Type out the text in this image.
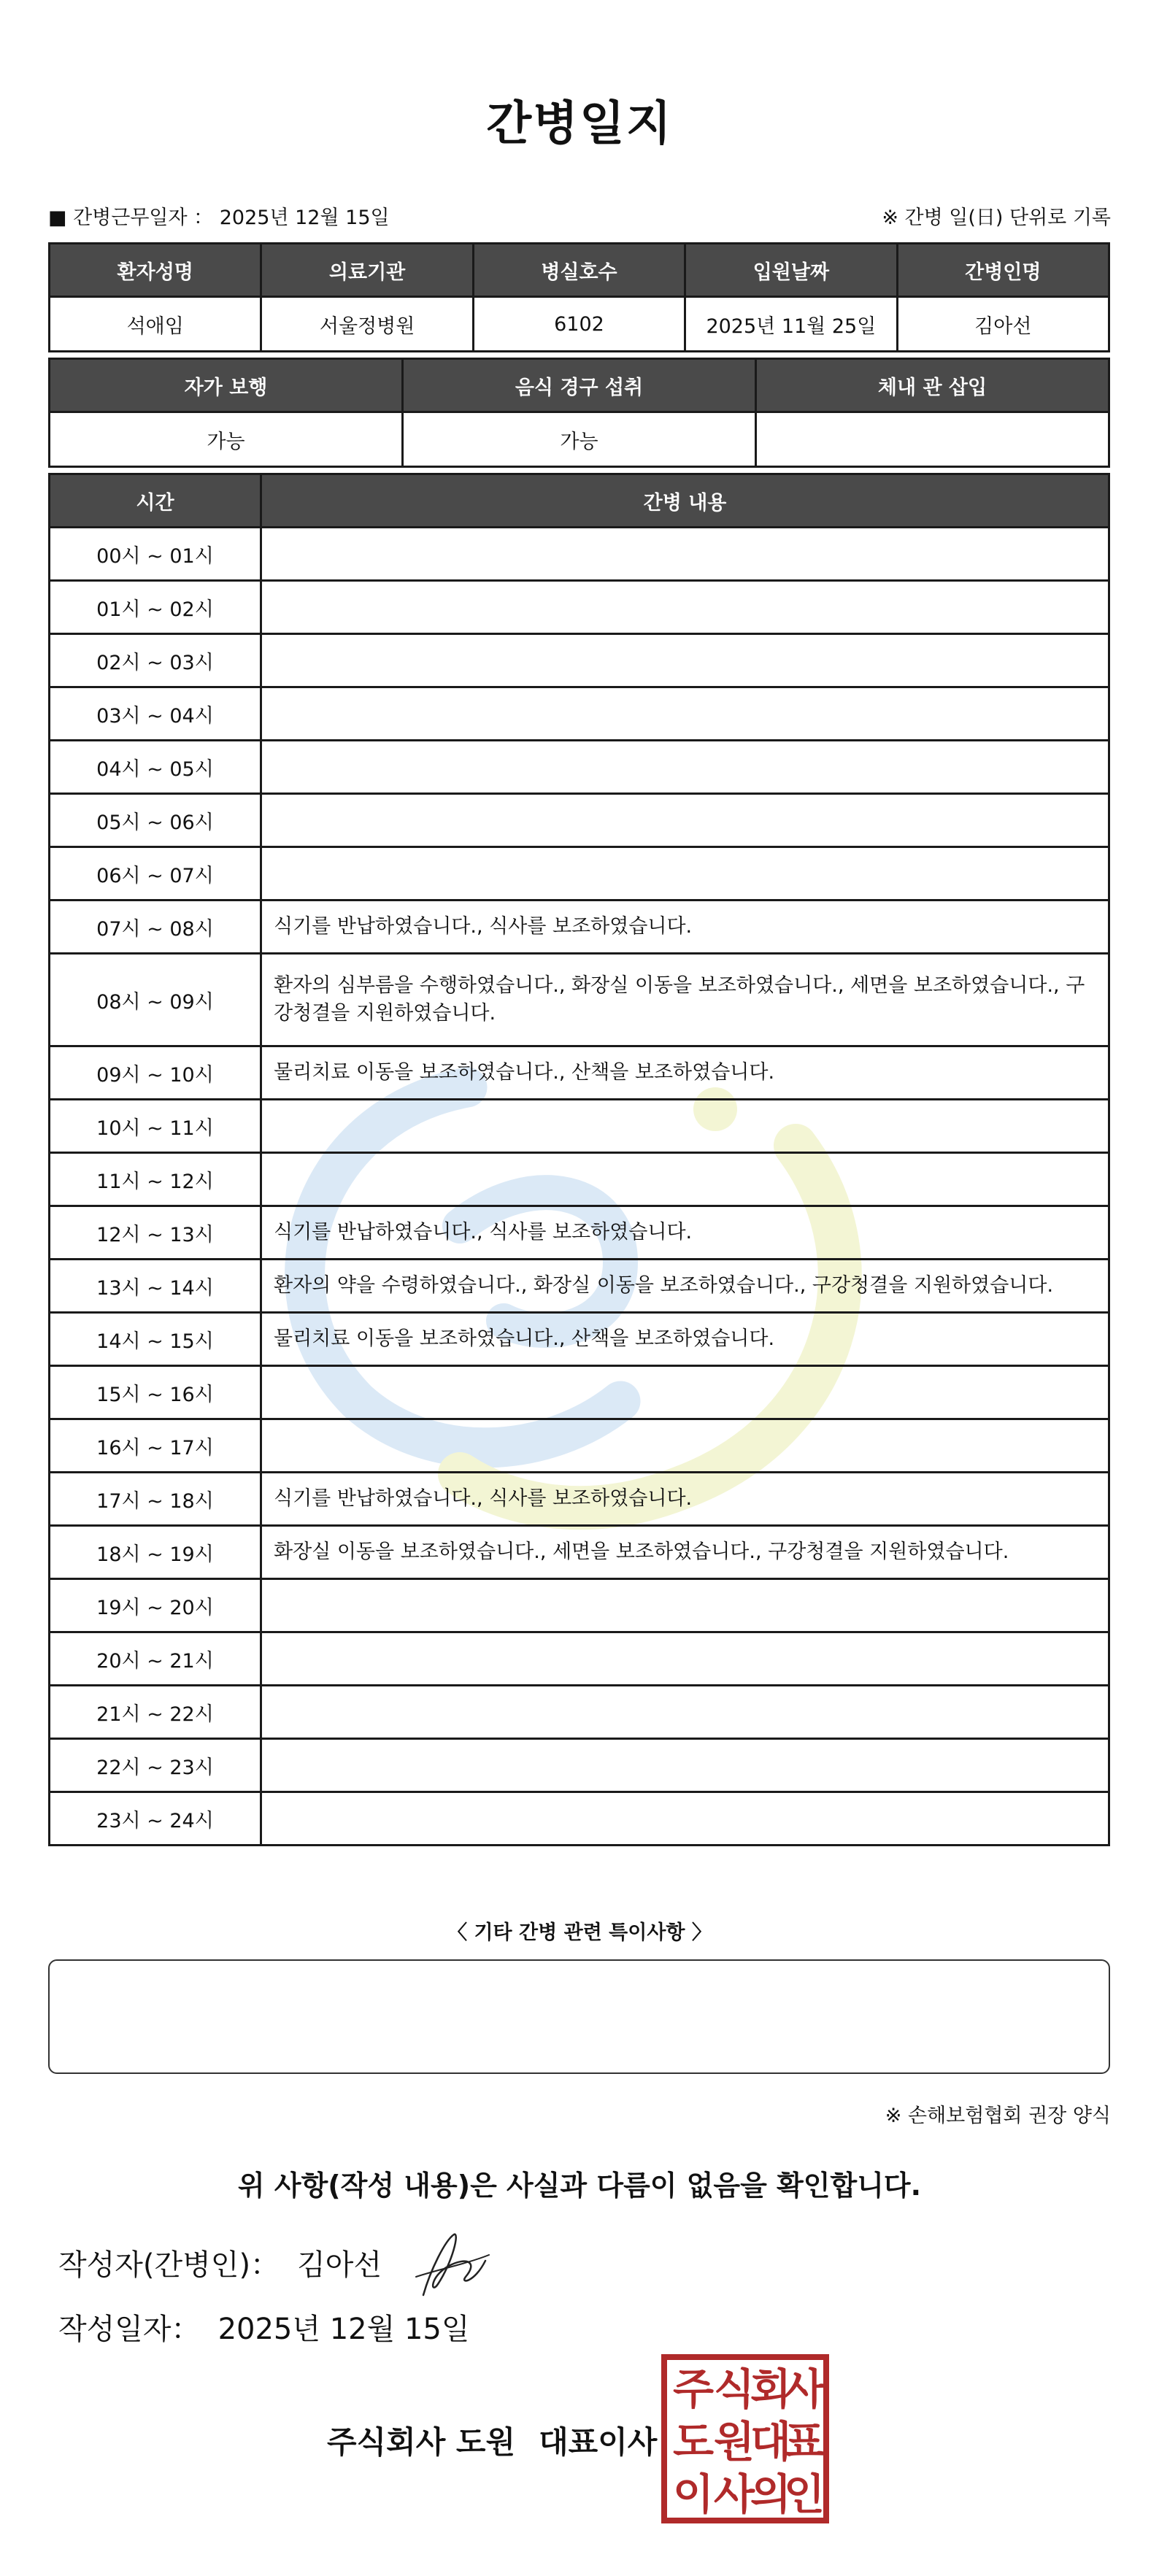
간병일지
■ 간병근무일자 ： 2025년 12월 15일	※ 간병 일(日) 단위로 기록
환자성명	의료기관	병실호수	입원날짜	간병인명
석애임	서울정병원	6102	2025년 11월 25일	김아선
자가 보행	음식 경구 섭취	체내 관 삽입
가능	가능	
시간	간병 내용
00시 ~ 01시	
01시 ~ 02시	
02시 ~ 03시	
03시 ~ 04시	
04시 ~ 05시	
05시 ~ 06시	
06시 ~ 07시	
07시 ~ 08시	식기를 반납하였습니다., 식사를 보조하였습니다.
08시 ~ 09시	환자의 심부름을 수행하였습니다., 화장실 이동을 보조하였습니다., 세면을 보조하였습니다., 구강청결을 지원하였습니다.
09시 ~ 10시	물리치료 이동을 보조하였습니다., 산책을 보조하였습니다.
10시 ~ 11시	
11시 ~ 12시	
12시 ~ 13시	식기를 반납하였습니다., 식사를 보조하였습니다.
13시 ~ 14시	환자의 약을 수령하였습니다., 화장실 이동을 보조하였습니다., 구강청결을 지원하였습니다.
14시 ~ 15시	물리치료 이동을 보조하였습니다., 산책을 보조하였습니다.
15시 ~ 16시	
16시 ~ 17시	
17시 ~ 18시	식기를 반납하였습니다., 식사를 보조하였습니다.
18시 ~ 19시	화장실 이동을 보조하였습니다., 세면을 보조하였습니다., 구강청결을 지원하였습니다.
19시 ~ 20시	
20시 ~ 21시	
21시 ~ 22시	
22시 ~ 23시	
23시 ~ 24시	
〈 기타 간병 관련 특이사항 〉
※ 손해보험협회 권장 양식
위 사항(작성 내용)은 사실과 다름이 없음을 확인합니다.
작성자(간병인)： 김아선
작성일자： 2025년 12월 15일
주식회사 도원 대표이사
주 식
회
사
도 원
대
표
이 사
의
인
